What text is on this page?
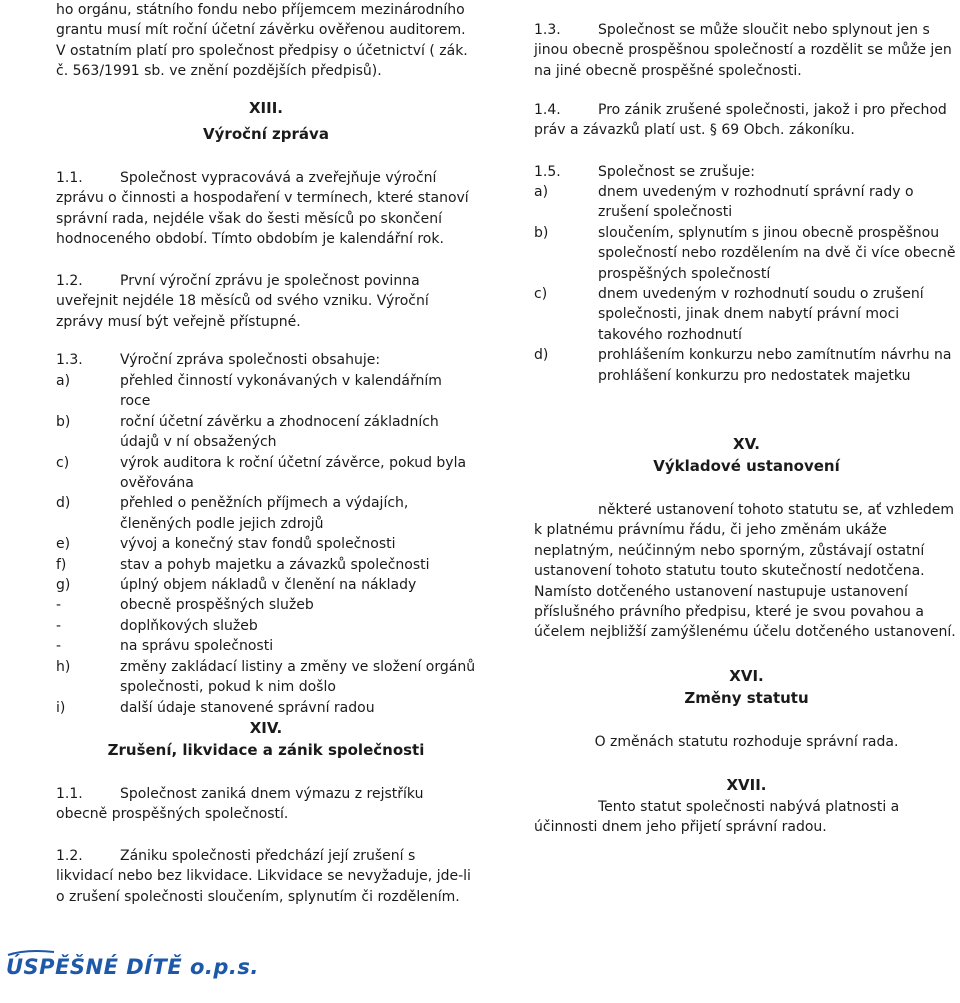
ho orgánu, státního fondu nebo příjemcem mezinárodního grantu musí mít roční účetní závěrku ověřenou auditorem. V ostatním platí pro společnost předpisy o účetnictví ( zák. č. 563/1991 sb. ve znění pozdějších předpisů).

XIII.
Výroční zpráva

1.1.	Společnost vypracovává a zveřejňuje výroční zprávu o činnosti a hospodaření v termínech, které stanoví správní rada, nejdéle však do šesti měsíců po skončení hodnoceného období. Tímto obdobím je kalendářní rok.

1.2.	První výroční zprávu je společnost povinna uveřejnit nejdéle 18 měsíců od svého vzniku. Výroční zprávy musí být veřejně přístupné.

1.3.	Výroční zpráva společnosti obsahuje:

a)	přehled činností vykonávaných v kalendářním roce
b)	roční účetní závěrku a zhodnocení základních údajů v ní obsažených
c)	výrok auditora k roční účetní závěrce, pokud byla ověřována
d)	přehled o peněžních příjmech a výdajích, členěných podle jejich zdrojů
e)	vývoj a konečný stav fondů společnosti
f)	stav a pohyb majetku a závazků společnosti
g)	úplný objem nákladů v členění na náklady
-	obecně prospěšných služeb
-	doplňkových služeb
-	na správu společnosti
h)	změny zakládací listiny a změny ve složení orgánů společnosti, pokud k nim došlo
i)	další údaje stanovené správní radou
XIV.
Zrušení, likvidace a zánik společnosti

1.1.	Společnost zaniká dnem výmazu z rejstříku obecně prospěšných společností.

1.2.	Zániku společnosti předchází její zrušení s likvidací nebo bez likvidace. Likvidace se nevyžaduje, jde-li o zrušení společnosti sloučením, splynutím či rozdělením.

1.3.	Společnost se může sloučit nebo splynout jen s jinou obecně prospěšnou společností a rozdělit se může jen na jiné obecně prospěšné společnosti.

1.4.	Pro zánik zrušené společnosti, jakož i pro přechod práv a závazků platí ust. § 69 Obch. zákoníku.

1.5.	Společnost se zrušuje:

a)	dnem uvedeným v rozhodnutí správní rady o zrušení společnosti
b)	sloučením, splynutím s jinou obecně prospěšnou společností nebo rozdělením na dvě či více obecně prospěšných společností
c)	dnem uvedeným v rozhodnutí soudu o zrušení společnosti, jinak dnem nabytí právní moci takového rozhodnutí
d)	prohlášením konkurzu nebo zamítnutím návrhu na prohlášení konkurzu pro nedostatek majetku
XV.
Výkladové ustanovení

některé ustanovení tohoto statutu se, ať vzhledem k platnému právnímu řádu, či jeho změnám ukáže neplatným, neúčinným nebo sporným, zůstávají ostatní ustanovení tohoto statutu touto skutečností nedotčena. Namísto dotčeného ustanovení nastupuje ustanovení příslušného právního předpisu, které je svou povahou a účelem nejbližší zamýšlenému účelu dotčeného ustanovení.

XVI.
Změny statutu

O změnách statutu rozhoduje správní rada.

XVII.

Tento statut společnosti nabývá platnosti a účinnosti dnem jeho přijetí správní radou.

ÚSPĚŠNÉ DÍTĚ o.p.s.
